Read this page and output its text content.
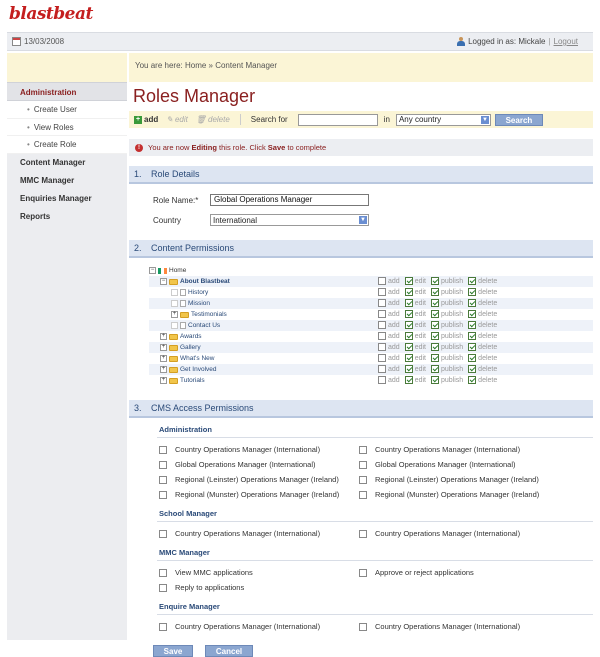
blastbeat
13/03/2008	Logged in as: Mickale | Logout
Administration
• Create User
• View Roles
• Create Role
Content Manager
MMC Manager
Enquiries Manager
Reports
You are here: Home » Content Manager
Roles Manager
+ add ✎ edit 🗑 delete	Search for	in Any country	▼	Search
!	You are now Editing this role. Click Save to complete
1.	Role Details
Role Name:*	Global Operations Manager
Country	International	▼
2.	Content Permissions
− Home
− About Blastbeat	add edit publish delete
History	add edit publish delete
Mission	add edit publish delete
+ Testimonials	add edit publish delete
Contact Us	add edit publish delete
+ Awards	add edit publish delete
+ Gallery	add edit publish delete
+ What's New	add edit publish delete
+ Get Involved	add edit publish delete
+ Tutorials	add edit publish delete
3.	CMS Access Permissions
Administration
Country Operations Manager (International)	Country Operations Manager (International)
Global Operations Manager (International)	Global Operations Manager (International)
Regional (Leinster) Operations Manager (Ireland)	Regional (Leinster) Operations Manager (Ireland)
Regional (Munster) Operations Manager (Ireland)	Regional (Munster) Operations Manager (Ireland)
School Manager
Country Operations Manager (International)	Country Operations Manager (International)
MMC Manager
View MMC applications	Approve or reject applications
Reply to applications
Enquire Manager
Country Operations Manager (International)	Country Operations Manager (International)
Save	Cancel
